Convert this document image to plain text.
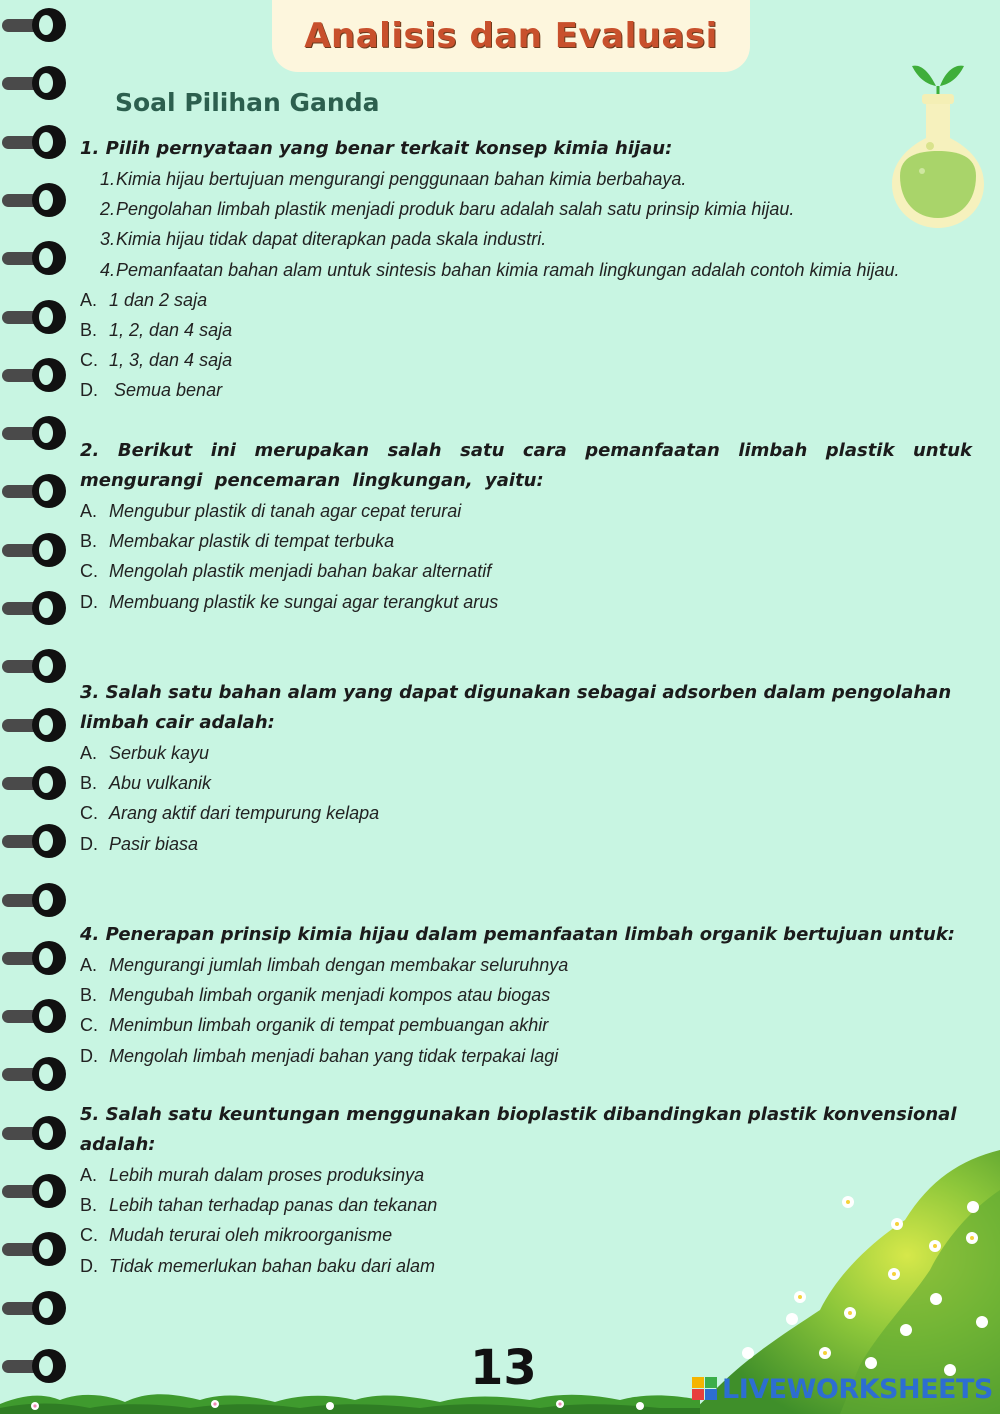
Analisis dan Evaluasi
Soal Pilihan Ganda
1. Pilih pernyataan yang benar terkait konsep kimia hijau:
1.Kimia hijau bertujuan mengurangi penggunaan bahan kimia berbahaya.
2.Pengolahan limbah plastik menjadi produk baru adalah salah satu prinsip kimia hijau.
3.Kimia hijau tidak dapat diterapkan pada skala industri.
4.Pemanfaatan bahan alam untuk sintesis bahan kimia ramah lingkungan adalah contoh kimia hijau.
A. 1 dan 2 saja
B. 1, 2, dan 4 saja
C. 1, 3, dan 4 saja
D. Semua benar
2. Berikut ini merupakan salah satu cara pemanfaatan limbah plastik untuk mengurangi pencemaran lingkungan, yaitu:
A. Mengubur plastik di tanah agar cepat terurai
B. Membakar plastik di tempat terbuka
C. Mengolah plastik menjadi bahan bakar alternatif
D. Membuang plastik ke sungai agar terangkut arus
3. Salah satu bahan alam yang dapat digunakan sebagai adsorben dalam pengolahan limbah cair adalah:
A. Serbuk kayu
B. Abu vulkanik
C. Arang aktif dari tempurung kelapa
D. Pasir biasa
4. Penerapan prinsip kimia hijau dalam pemanfaatan limbah organik bertujuan untuk:
A. Mengurangi jumlah limbah dengan membakar seluruhnya
B. Mengubah limbah organik menjadi kompos atau biogas
C. Menimbun limbah organik di tempat pembuangan akhir
D. Mengolah limbah menjadi bahan yang tidak terpakai lagi
5. Salah satu keuntungan menggunakan bioplastik dibandingkan plastik konvensional adalah:
A. Lebih murah dalam proses produksinya
B. Lebih tahan terhadap panas dan tekanan
C. Mudah terurai oleh mikroorganisme
D. Tidak memerlukan bahan baku dari alam
13	LIVEWORKSHEETS
